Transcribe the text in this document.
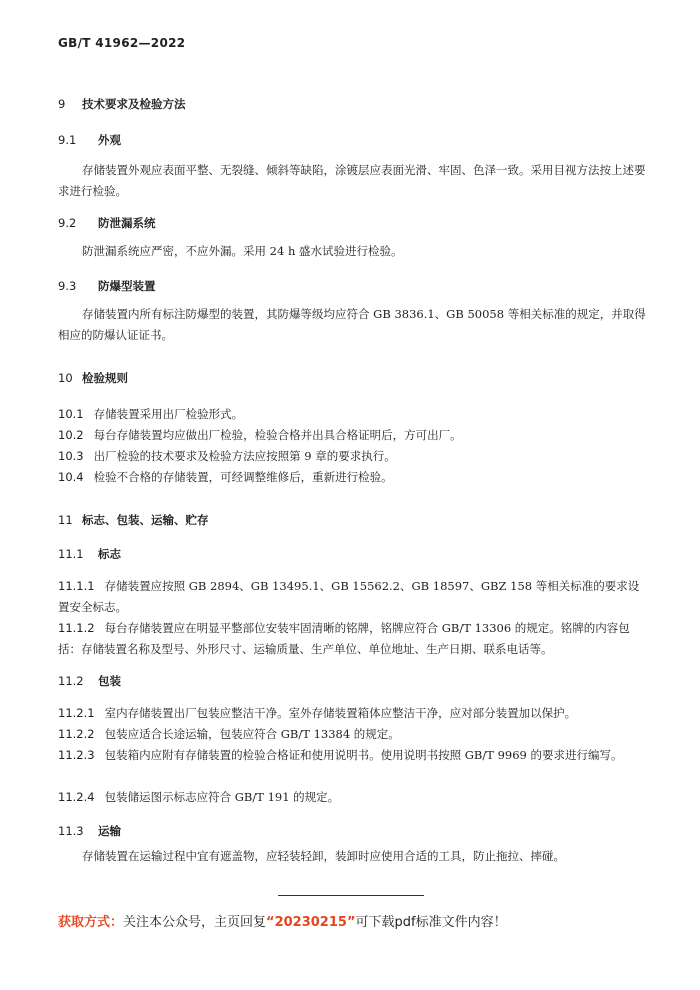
GB/T 41962—2022
9 技术要求及检验方法
9.1 外观
存储装置外观应表面平整、无裂缝、倾斜等缺陷，涂镀层应表面光滑、牢固、色泽一致。采用目视方法按上述要求进行检验。
9.2 防泄漏系统
防泄漏系统应严密，不应外漏。采用 24 h 盛水试验进行检验。
9.3 防爆型装置
存储装置内所有标注防爆型的装置，其防爆等级均应符合 GB 3836.1、GB 50058 等相关标准的规定，并取得相应的防爆认证证书。
10 检验规则
10.1 存储装置采用出厂检验形式。
10.2 每台存储装置均应做出厂检验，检验合格并出具合格证明后，方可出厂。
10.3 出厂检验的技术要求及检验方法应按照第 9 章的要求执行。
10.4 检验不合格的存储装置，可经调整维修后，重新进行检验。
11 标志、包装、运输、贮存
11.1 标志
11.1.1 存储装置应按照 GB 2894、GB 13495.1、GB 15562.2、GB 18597、GBZ 158 等相关标准的要求设置安全标志。
11.1.2 每台存储装置应在明显平整部位安装牢固清晰的铭牌，铭牌应符合 GB/T 13306 的规定。铭牌的内容包括：存储装置名称及型号、外形尺寸、运输质量、生产单位、单位地址、生产日期、联系电话等。
11.2 包装
11.2.1 室内存储装置出厂包装应整洁干净。室外存储装置箱体应整洁干净，应对部分装置加以保护。
11.2.2 包装应适合长途运输，包装应符合 GB/T 13384 的规定。
11.2.3 包装箱内应附有存储装置的检验合格证和使用说明书。使用说明书按照 GB/T 9969 的要求进行编写。
11.2.4 包装储运图示标志应符合 GB/T 191 的规定。
11.3 运输
存储装置在运输过程中宜有遮盖物，应轻装轻卸，装卸时应使用合适的工具，防止拖拉、摔碰。
获取方式：关注本公众号，主页回复“20230215”可下载pdf标准文件内容！
